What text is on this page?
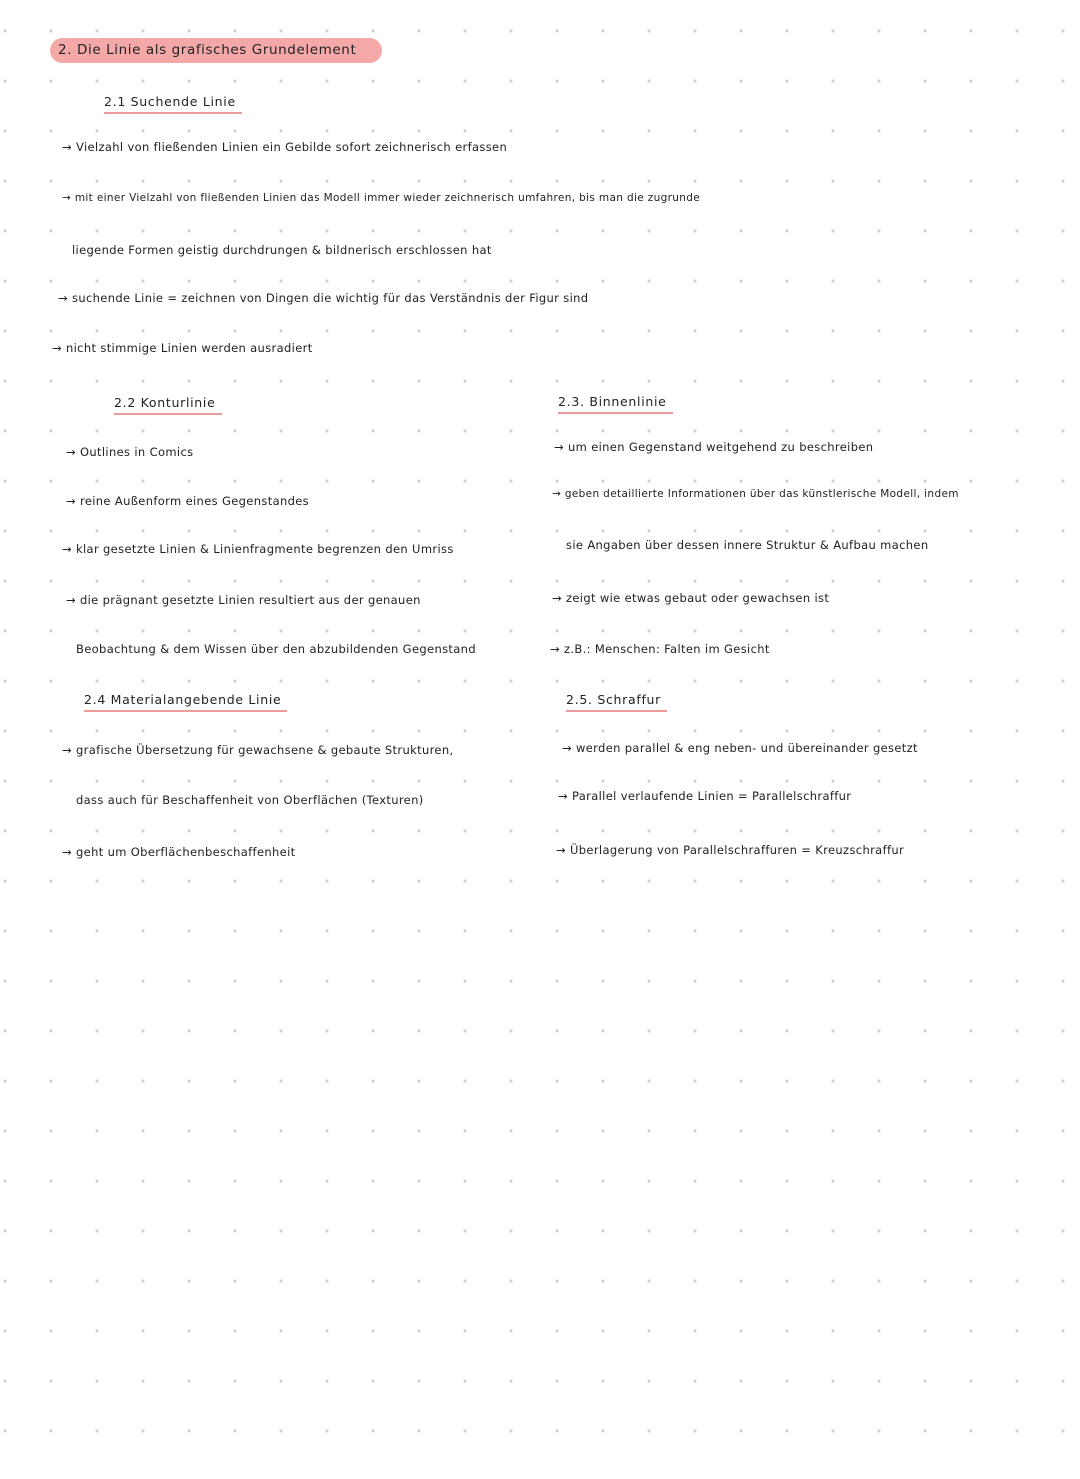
2. Die Linie als grafisches Grundelement
2.1 Suchende Linie
→ Vielzahl von fließenden Linien ein Gebilde sofort zeichnerisch erfassen
→ mit einer Vielzahl von fließenden Linien das Modell immer wieder zeichnerisch umfahren, bis man die zugrunde
liegende Formen geistig durchdrungen & bildnerisch erschlossen hat
→ suchende Linie = zeichnen von Dingen die wichtig für das Verständnis der Figur sind
→ nicht stimmige Linien werden ausradiert
2.2 Konturlinie
→ Outlines in Comics
→ reine Außenform eines Gegenstandes
→ klar gesetzte Linien & Linienfragmente begrenzen den Umriss
→ die prägnant gesetzte Linien resultiert aus der genauen
Beobachtung & dem Wissen über den abzubildenden Gegenstand
2.3. Binnenlinie
→ um einen Gegenstand weitgehend zu beschreiben
→ geben detaillierte Informationen über das künstlerische Modell, indem
sie Angaben über dessen innere Struktur & Aufbau machen
→ zeigt wie etwas gebaut oder gewachsen ist
→ z.B.: Menschen: Falten im Gesicht
2.4 Materialangebende Linie
→ grafische Übersetzung für gewachsene & gebaute Strukturen,
dass auch für Beschaffenheit von Oberflächen (Texturen)
→ geht um Oberflächenbeschaffenheit
2.5. Schraffur
→ werden parallel & eng neben- und übereinander gesetzt
→ Parallel verlaufende Linien = Parallelschraffur
→ Überlagerung von Parallelschraffuren = Kreuzschraffur
